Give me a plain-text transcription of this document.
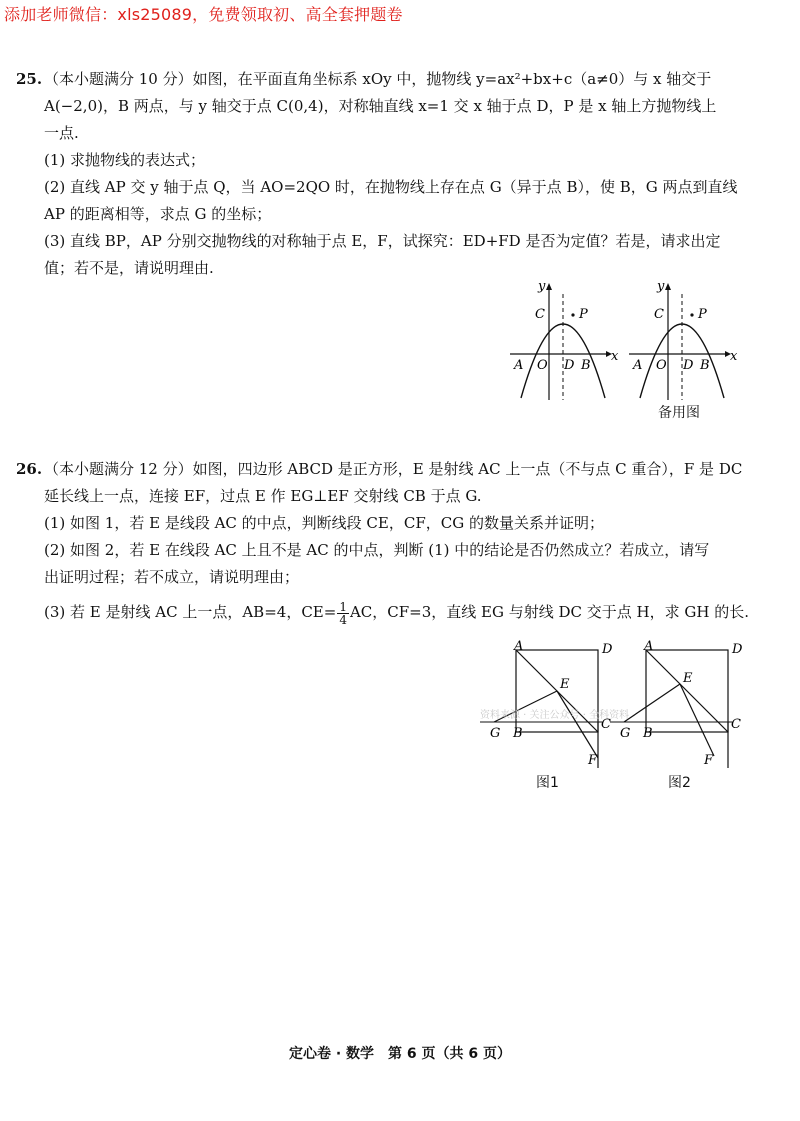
添加老师微信：xls25089，免费领取初、高全套押题卷

25. （本小题满分 10 分）如图，在平面直角坐标系 xOy 中，抛物线 y=ax²+bx+c（a≠0）与 x 轴交于

A(−2,0)，B 两点，与 y 轴交于点 C(0,4)，对称轴直线 x=1 交 x 轴于点 D，P 是 x 轴上方抛物线上

一点.

(1) 求抛物线的表达式；

(2) 直线 AP 交 y 轴于点 Q，当 AO=2QO 时，在抛物线上存在点 G（异于点 B），使 B，G 两点到直线

AP 的距离相等，求点 G 的坐标；

(3) 直线 BP，AP 分别交抛物线的对称轴于点 E，F，试探究：ED+FD 是否为定值？若是，请求出定

值；若不是，请说明理由.

y
x
C	P
A O D B
y
x
C	P
A O D B
备用图

26. （本小题满分 12 分）如图，四边形 ABCD 是正方形，E 是射线 AC 上一点（不与点 C 重合），F 是 DC

延长线上一点，连接 EF，过点 E 作 EG⊥EF 交射线 CB 于点 G.

(1) 如图 1，若 E 是线段 AC 的中点，判断线段 CE，CF，CG 的数量关系并证明；

(2) 如图 2，若 E 在线段 AC 上且不是 AC 的中点，判断 (1) 中的结论是否仍然成立？若成立，请写

出证明过程；若不成立，请说明理由；

(3) 若 E 是射线 AC 上一点，AB=4，$CE= \frac{1}{4}$ AC，CF=3，直线 EG 与射线 DC 交于点 H，求 GH 的长.

资料来源 · 关注公众号 · 全科资料
A	D
E
G B
C
F
A	D
E
G B
C
F
图1	图2
定心卷 · 数学　第 6 页（共 6 页）
